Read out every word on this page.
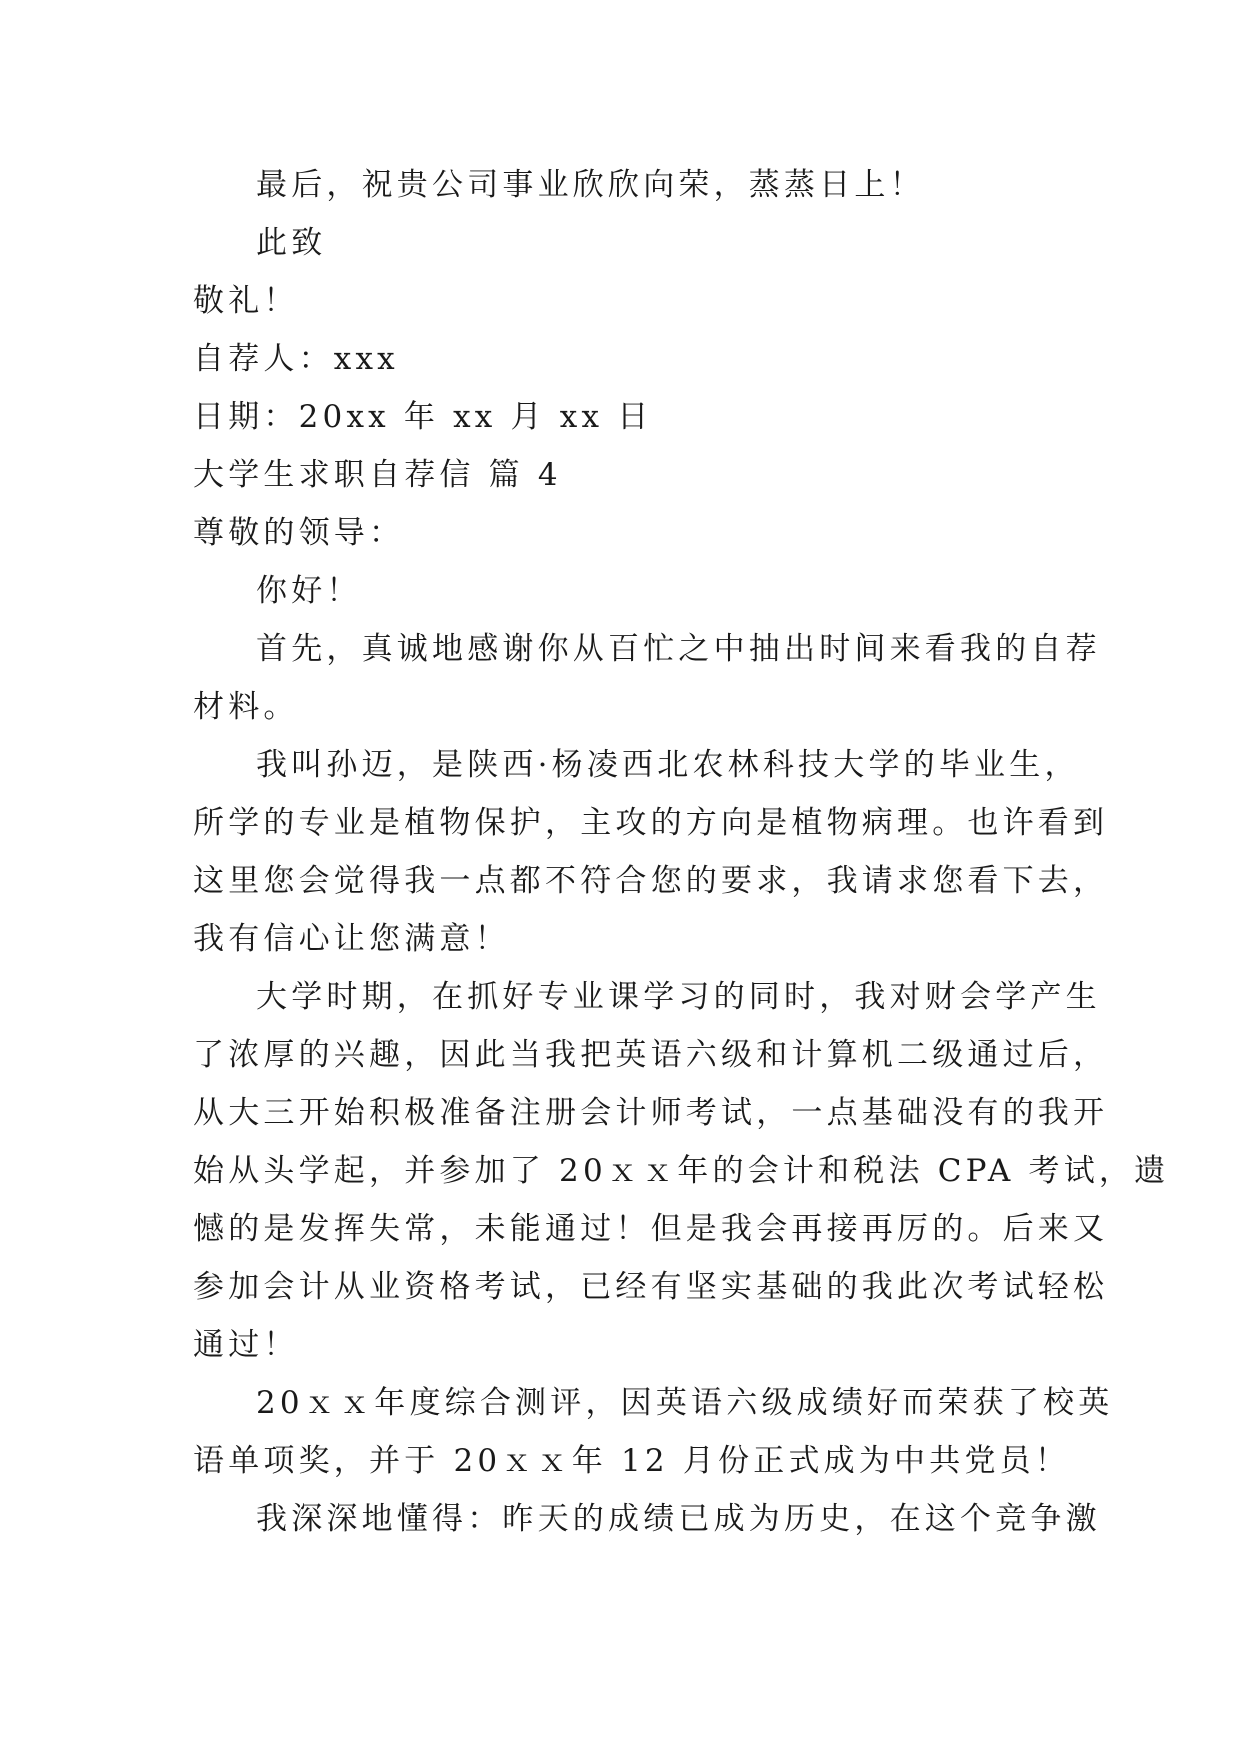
最后，祝贵公司事业欣欣向荣，蒸蒸日上！
此致
敬礼！
自荐人：xxx
日期：20xx 年 xx 月 xx 日
大学生求职自荐信 篇 4
尊敬的领导：
你好！
首先，真诚地感谢你从百忙之中抽出时间来看我的自荐
材料。
我叫孙迈，是陕西·杨凌西北农林科技大学的毕业生，
所学的专业是植物保护，主攻的方向是植物病理。也许看到
这里您会觉得我一点都不符合您的要求，我请求您看下去，
我有信心让您满意！
大学时期，在抓好专业课学习的同时，我对财会学产生
了浓厚的兴趣，因此当我把英语六级和计算机二级通过后，
从大三开始积极准备注册会计师考试，一点基础没有的我开
始从头学起，并参加了 20ｘｘ年的会计和税法 CPA 考试，遗
憾的是发挥失常，未能通过！但是我会再接再厉的。后来又
参加会计从业资格考试，已经有坚实基础的我此次考试轻松
通过！
20ｘｘ年度综合测评，因英语六级成绩好而荣获了校英
语单项奖，并于 20ｘｘ年 12 月份正式成为中共党员！
我深深地懂得：昨天的成绩已成为历史，在这个竞争激
